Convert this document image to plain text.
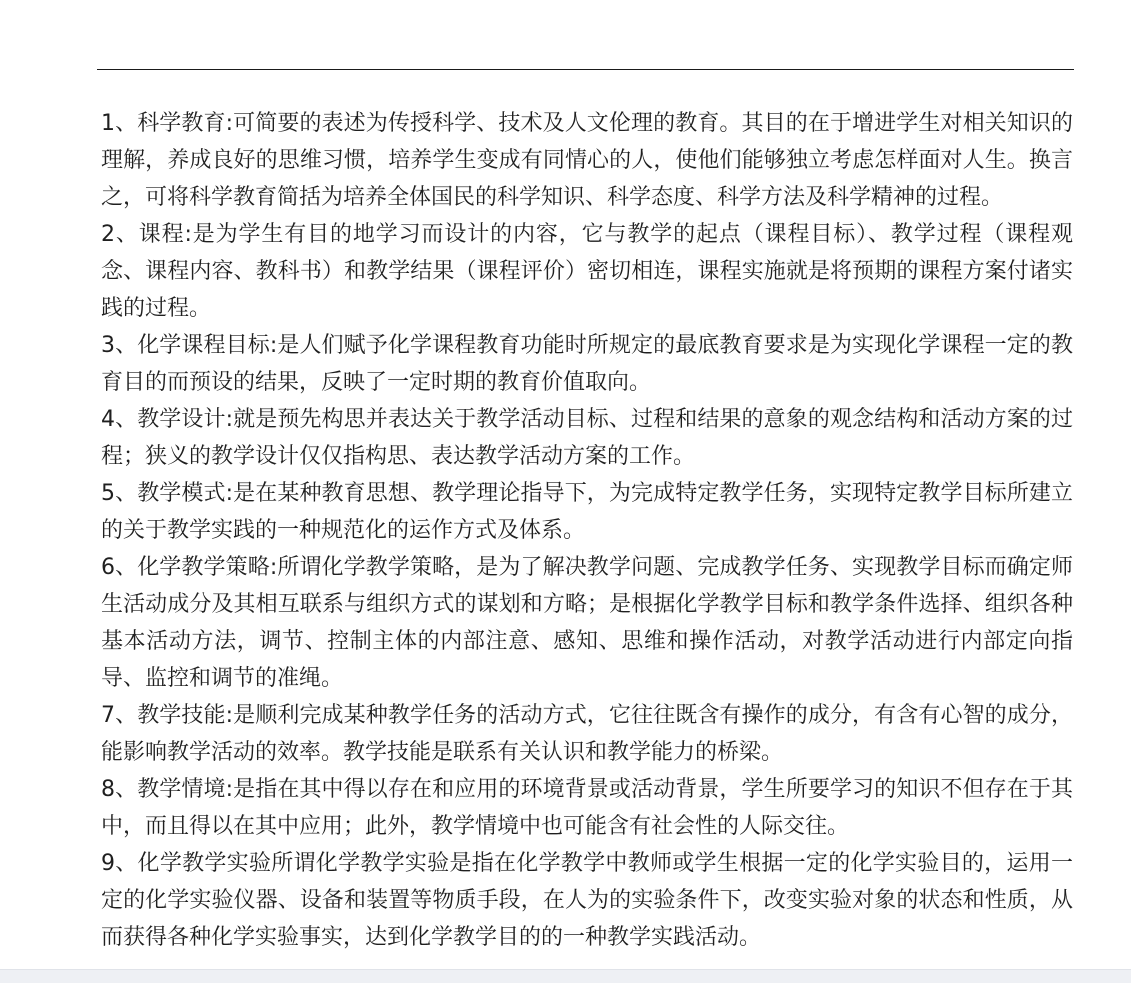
1、科学教育:可简要的表述为传授科学、技术及人文伦理的教育。其目的在于增进学生对相关知识的理解，养成良好的思维习惯，培养学生变成有同情心的人，使他们能够独立考虑怎样面对人生。换言之，可将科学教育简括为培养全体国民的科学知识、科学态度、科学方法及科学精神的过程。

2、课程:是为学生有目的地学习而设计的内容，它与教学的起点（课程目标）、教学过程（课程观念、课程内容、教科书）和教学结果（课程评价）密切相连，课程实施就是将预期的课程方案付诸实践的过程。

3、化学课程目标:是人们赋予化学课程教育功能时所规定的最底教育要求是为实现化学课程一定的教育目的而预设的结果，反映了一定时期的教育价值取向。

4、教学设计:就是预先构思并表达关于教学活动目标、过程和结果的意象的观念结构和活动方案的过程；狭义的教学设计仅仅指构思、表达教学活动方案的工作。

5、教学模式:是在某种教育思想、教学理论指导下，为完成特定教学任务，实现特定教学目标所建立的关于教学实践的一种规范化的运作方式及体系。

6、化学教学策略:所谓化学教学策略，是为了解决教学问题、完成教学任务、实现教学目标而确定师生活动成分及其相互联系与组织方式的谋划和方略；是根据化学教学目标和教学条件选择、组织各种基本活动方法，调节、控制主体的内部注意、感知、思维和操作活动，对教学活动进行内部定向指导、监控和调节的准绳。

7、教学技能:是顺利完成某种教学任务的活动方式，它往往既含有操作的成分，有含有心智的成分，能影响教学活动的效率。教学技能是联系有关认识和教学能力的桥梁。

8、教学情境:是指在其中得以存在和应用的环境背景或活动背景，学生所要学习的知识不但存在于其中，而且得以在其中应用；此外，教学情境中也可能含有社会性的人际交往。

9、化学教学实验所谓化学教学实验是指在化学教学中教师或学生根据一定的化学实验目的，运用一定的化学实验仪器、设备和装置等物质手段，在人为的实验条件下，改变实验对象的状态和性质，从而获得各种化学实验事实，达到化学教学目的的一种教学实践活动。
